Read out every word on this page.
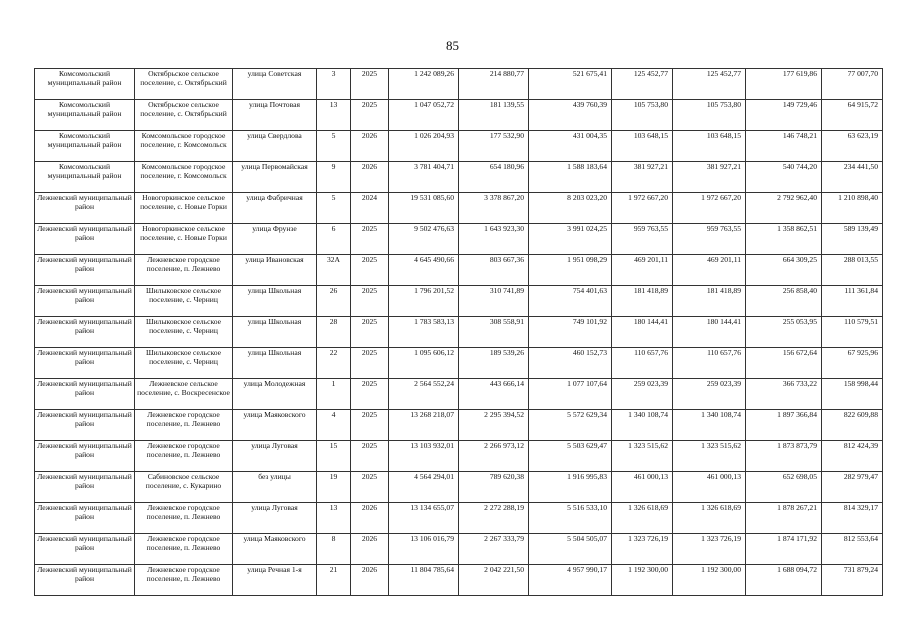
85
Комсомольский муниципальный район	Октябрьское сельское поселение, с. Октябрьский	улица Советская	3	2025	1 242 089,26	214 880,77	521 675,41	125 452,77	125 452,77	177 619,86	77 007,70
Комсомольский муниципальный район	Октябрьское сельское поселение, с. Октябрьский	улица Почтовая	13	2025	1 047 052,72	181 139,55	439 760,39	105 753,80	105 753,80	149 729,46	64 915,72
Комсомольский муниципальный район	Комсомольское городское поселение, г. Комсомольск	улица Свердлова	5	2026	1 026 204,93	177 532,90	431 004,35	103 648,15	103 648,15	146 748,21	63 623,19
Комсомольский муниципальный район	Комсомольское городское поселение, г. Комсомольск	улица Первомайская	9	2026	3 781 404,71	654 180,96	1 588 183,64	381 927,21	381 927,21	540 744,20	234 441,50
Лежневский муниципальный район	Новогоркинское сельское поселение, с. Новые Горки	улица Фабричная	5	2024	19 531 085,60	3 378 867,20	8 203 023,20	1 972 667,20	1 972 667,20	2 792 962,40	1 210 898,40
Лежневский муниципальный район	Новогоркинское сельское поселение, с. Новые Горки	улица Фрунзе	6	2025	9 502 476,63	1 643 923,30	3 991 024,25	959 763,55	959 763,55	1 358 862,51	589 139,49
Лежневский муниципальный район	Лежневское городское поселение, п. Лежнево	улица Ивановская	32А	2025	4 645 490,66	803 667,36	1 951 098,29	469 201,11	469 201,11	664 309,25	288 013,55
Лежневский муниципальный район	Шилыковское сельское поселение, с. Черниц	улица Школьная	26	2025	1 796 201,52	310 741,89	754 401,63	181 418,89	181 418,89	256 858,40	111 361,84
Лежневский муниципальный район	Шилыковское сельское поселение, с. Черниц	улица Школьная	28	2025	1 783 583,13	308 558,91	749 101,92	180 144,41	180 144,41	255 053,95	110 579,51
Лежневский муниципальный район	Шилыковское сельское поселение, с. Черниц	улица Школьная	22	2025	1 095 606,12	189 539,26	460 152,73	110 657,76	110 657,76	156 672,64	67 925,96
Лежневский муниципальный район	Лежневское сельское поселение, с. Воскресенское	улица Молодежная	1	2025	2 564 552,24	443 666,14	1 077 107,64	259 023,39	259 023,39	366 733,22	158 998,44
Лежневский муниципальный район	Лежневское городское поселение, п. Лежнево	улица Маяковского	4	2025	13 268 218,07	2 295 394,52	5 572 629,34	1 340 108,74	1 340 108,74	1 897 366,84	822 609,88
Лежневский муниципальный район	Лежневское городское поселение, п. Лежнево	улица Луговая	15	2025	13 103 932,01	2 266 973,12	5 503 629,47	1 323 515,62	1 323 515,62	1 873 873,79	812 424,39
Лежневский муниципальный район	Сабиновское сельское поселение, с. Кукарино	без улицы	19	2025	4 564 294,01	789 620,38	1 916 995,83	461 000,13	461 000,13	652 698,05	282 979,47
Лежневский муниципальный район	Лежневское городское поселение, п. Лежнево	улица Луговая	13	2026	13 134 655,07	2 272 288,19	5 516 533,10	1 326 618,69	1 326 618,69	1 878 267,21	814 329,17
Лежневский муниципальный район	Лежневское городское поселение, п. Лежнево	улица Маяковского	8	2026	13 106 016,79	2 267 333,79	5 504 505,07	1 323 726,19	1 323 726,19	1 874 171,92	812 553,64
Лежневский муниципальный район	Лежневское городское поселение, п. Лежнево	улица Речная 1-я	21	2026	11 804 785,64	2 042 221,50	4 957 990,17	1 192 300,00	1 192 300,00	1 688 094,72	731 879,24
